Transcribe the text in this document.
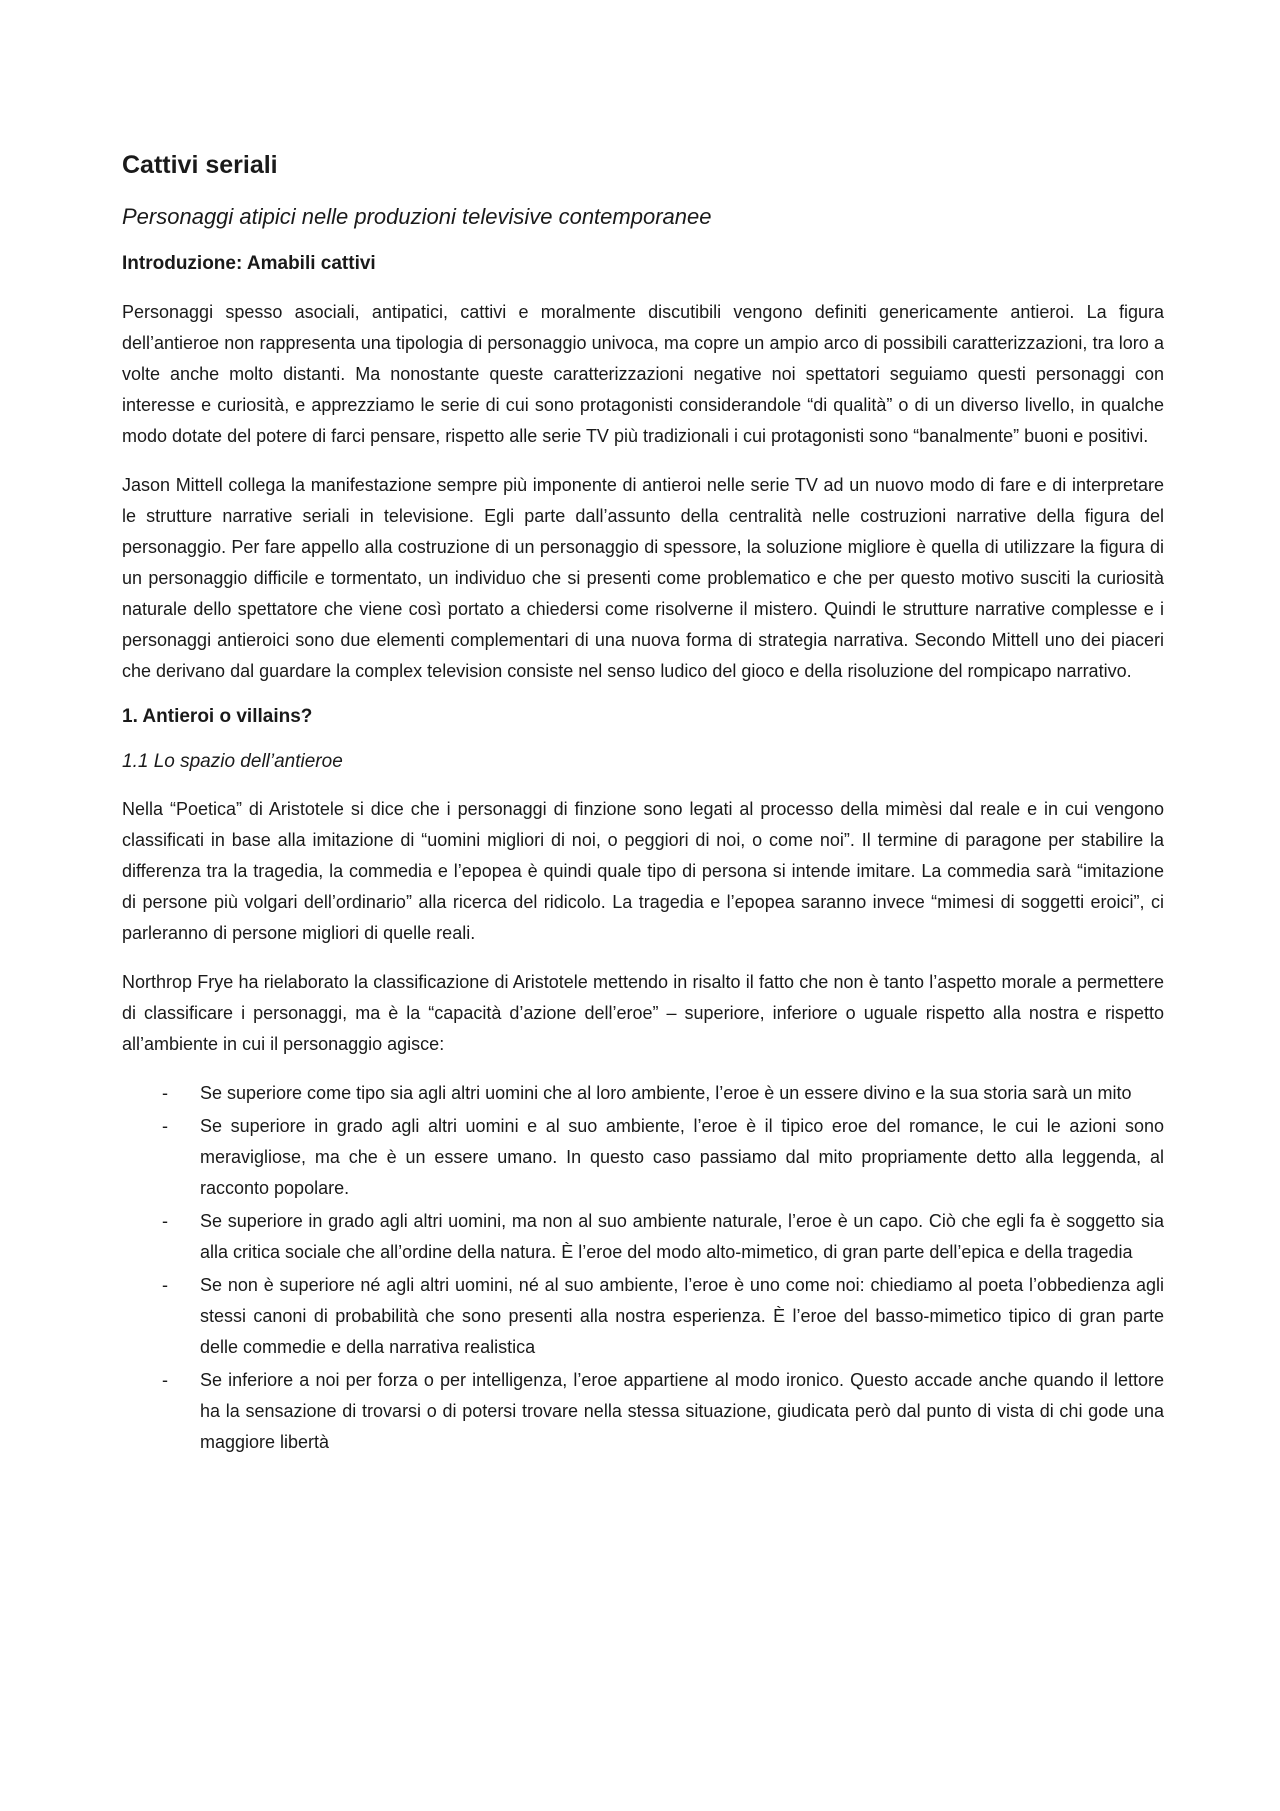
Cattivi seriali

Personaggi atipici nelle produzioni televisive contemporanee

Introduzione: Amabili cattivi

Personaggi spesso asociali, antipatici, cattivi e moralmente discutibili vengono definiti genericamente antieroi. La figura dell’antieroe non rappresenta una tipologia di personaggio univoca, ma copre un ampio arco di possibili caratterizzazioni, tra loro a volte anche molto distanti. Ma nonostante queste caratterizzazioni negative noi spettatori seguiamo questi personaggi con interesse e curiosità, e apprezziamo le serie di cui sono protagonisti considerandole “di qualità” o di un diverso livello, in qualche modo dotate del potere di farci pensare, rispetto alle serie TV più tradizionali i cui protagonisti sono “banalmente” buoni e positivi.

Jason Mittell collega la manifestazione sempre più imponente di antieroi nelle serie TV ad un nuovo modo di fare e di interpretare le strutture narrative seriali in televisione. Egli parte dall’assunto della centralità nelle costruzioni narrative della figura del personaggio. Per fare appello alla costruzione di un personaggio di spessore, la soluzione migliore è quella di utilizzare la figura di un personaggio difficile e tormentato, un individuo che si presenti come problematico e che per questo motivo susciti la curiosità naturale dello spettatore che viene così portato a chiedersi come risolverne il mistero. Quindi le strutture narrative complesse e i personaggi antieroici sono due elementi complementari di una nuova forma di strategia narrativa. Secondo Mittell uno dei piaceri che derivano dal guardare la complex television consiste nel senso ludico del gioco e della risoluzione del rompicapo narrativo.

1. Antieroi o villains?

1.1 Lo spazio dell’antieroe

Nella “Poetica” di Aristotele si dice che i personaggi di finzione sono legati al processo della mimèsi dal reale e in cui vengono classificati in base alla imitazione di “uomini migliori di noi, o peggiori di noi, o come noi”. Il termine di paragone per stabilire la differenza tra la tragedia, la commedia e l’epopea è quindi quale tipo di persona si intende imitare. La commedia sarà “imitazione di persone più volgari dell’ordinario” alla ricerca del ridicolo. La tragedia e l’epopea saranno invece “mimesi di soggetti eroici”, ci parleranno di persone migliori di quelle reali.

Northrop Frye ha rielaborato la classificazione di Aristotele mettendo in risalto il fatto che non è tanto l’aspetto morale a permettere di classificare i personaggi, ma è la “capacità d’azione dell’eroe” – superiore, inferiore o uguale rispetto alla nostra e rispetto all’ambiente in cui il personaggio agisce:

- Se superiore come tipo sia agli altri uomini che al loro ambiente, l’eroe è un essere divino e la sua storia sarà un mito
- Se superiore in grado agli altri uomini e al suo ambiente, l’eroe è il tipico eroe del romance, le cui le azioni sono meravigliose, ma che è un essere umano. In questo caso passiamo dal mito propriamente detto alla leggenda, al racconto popolare.
- Se superiore in grado agli altri uomini, ma non al suo ambiente naturale, l’eroe è un capo. Ciò che egli fa è soggetto sia alla critica sociale che all’ordine della natura. È l’eroe del modo alto-mimetico, di gran parte dell’epica e della tragedia
- Se non è superiore né agli altri uomini, né al suo ambiente, l’eroe è uno come noi: chiediamo al poeta l’obbedienza agli stessi canoni di probabilità che sono presenti alla nostra esperienza. È l’eroe del basso-mimetico tipico di gran parte delle commedie e della narrativa realistica
- Se inferiore a noi per forza o per intelligenza, l’eroe appartiene al modo ironico. Questo accade anche quando il lettore ha la sensazione di trovarsi o di potersi trovare nella stessa situazione, giudicata però dal punto di vista di chi gode una maggiore libertà
